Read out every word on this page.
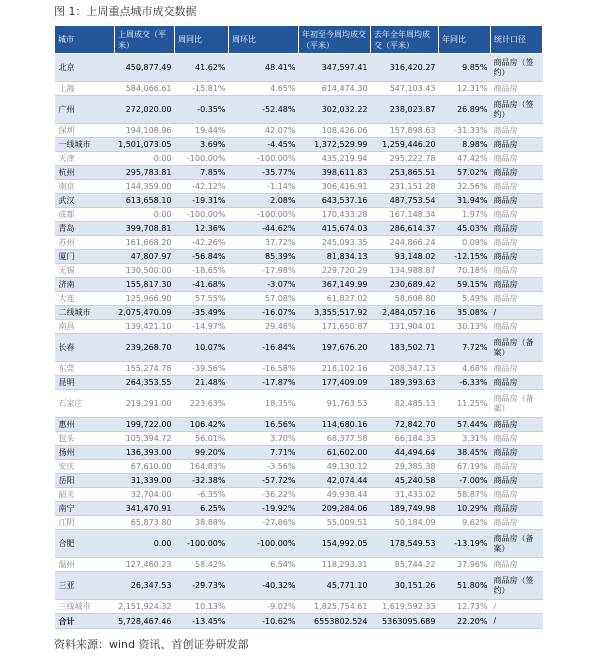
图 1：上周重点城市成交数据
城市	上周成交（平米）	周同比	周环比	年初至今周均成交（平米）	去年全年周均成交（平米）	年同比	统计口径
北京	450,877.49	41.62%	48.41%	347,597.41	316,420.27	9.85%	商品房（签约）
上海	584,066.61	-15.81%	4.65%	614,474.30	547,103.43	12.31%	商品房
广州	272,020.00	-0.35%	-52.48%	302,032.22	238,023.87	26.89%	商品房（签约）
深圳	194,108.96	19.44%	42.07%	108,426.06	157,898.63	-31.33%	商品房
一线城市	1,501,073.05	3.69%	-4.45%	1,372,529.99	1,259,446.20	8.98%	商品房
天津	0.00	-100.00%	-100.00%	435,219.94	295,222.78	47.42%	商品房
杭州	295,783.81	7.85%	-35.77%	398,611.83	253,865.51	57.02%	商品房
南京	144,359.00	-42.12%	-1.14%	306,416.91	231,151.28	32.56%	商品房
武汉	613,658.10	-19.31%	2.08%	643,537.16	487,753.54	31.94%	商品房
成都	0.00	-100.00%	-100.00%	170,433.28	167,148.34	1.97%	商品房
青岛	399,708.81	12.36%	-44.62%	415,674.03	286,614.37	45.03%	商品房
苏州	161,668.20	-42.26%	37.72%	245,093.35	244,866.24	0.09%	商品房
厦门	47,807.97	-56.84%	85.39%	81,834.13	93,148.02	-12.15%	商品房
无锡	130,500.00	-18.65%	-17.98%	229,720.29	134,988.87	70.18%	商品房
济南	155,817.30	-41.68%	-3.07%	367,149.99	230,689.42	59.15%	商品房
大连	125,966.90	57.55%	57.08%	61,827.02	58,608.80	5.49%	商品房
二线城市	2,075,470.09	-35.49%	-16.07%	3,355,517.92	2,484,057.16	35.08%	/
南昌	139,421.10	-14.97%	29.48%	171,650.87	131,904.01	30.13%	商品房
长春	239,268.70	10.07%	-16.84%	197,676.20	183,502.71	7.72%	商品房（备案）
东莞	155,274.78	-39.56%	-16.58%	218,102.16	208,347.13	4.68%	商品房
昆明	264,353.55	21.48%	-17.87%	177,409.09	189,393.63	-6.33%	商品房
石家庄	219,291.00	223.63%	18.35%	91,763.53	82,485.13	11.25%	商品房（备案）
惠州	199,722.00	106.42%	16.56%	114,680.16	72,842.70	57.44%	商品房
包头	105,394.72	56.01%	3.70%	68,377.58	66,184.33	3.31%	商品房
扬州	136,393.00	99.20%	7.71%	61,602.00	44,494.64	38.45%	商品房
安庆	67,610.00	164.83%	-3.56%	49,130.12	29,385.38	67.19%	商品房
岳阳	31,339.00	-32.38%	-57.72%	42,074.44	45,240.58	-7.00%	商品房
韶关	32,704.00	-6.35%	-36.22%	49,938.44	31,433.02	58.87%	商品房
南宁	341,470.91	6.25%	-19.92%	209,284.06	189,749.98	10.29%	商品房
江阴	65,873.80	38.88%	-27.86%	55,009.51	50,184.09	9.62%	商品房
合肥	0.00	-100.00%	-100.00%	154,992.05	178,549.53	-13.19%	商品房（备案）
温州	127,460.23	58.42%	6.54%	118,293.31	85,744.22	37.96%	商品房
三亚	26,347.53	-29.73%	-40.32%	45,771.10	30,151.26	51.80%	商品房（签约）
三线城市	2,151,924.32	10.13%	-9.02%	1,825,754.61	1,619,592.33	12.73%	/
合计	5,728,467.46	-13.45%	-10.62%	6553802.524	5363095.689	22.20%	/
资料来源：wind 资讯、首创证券研发部
